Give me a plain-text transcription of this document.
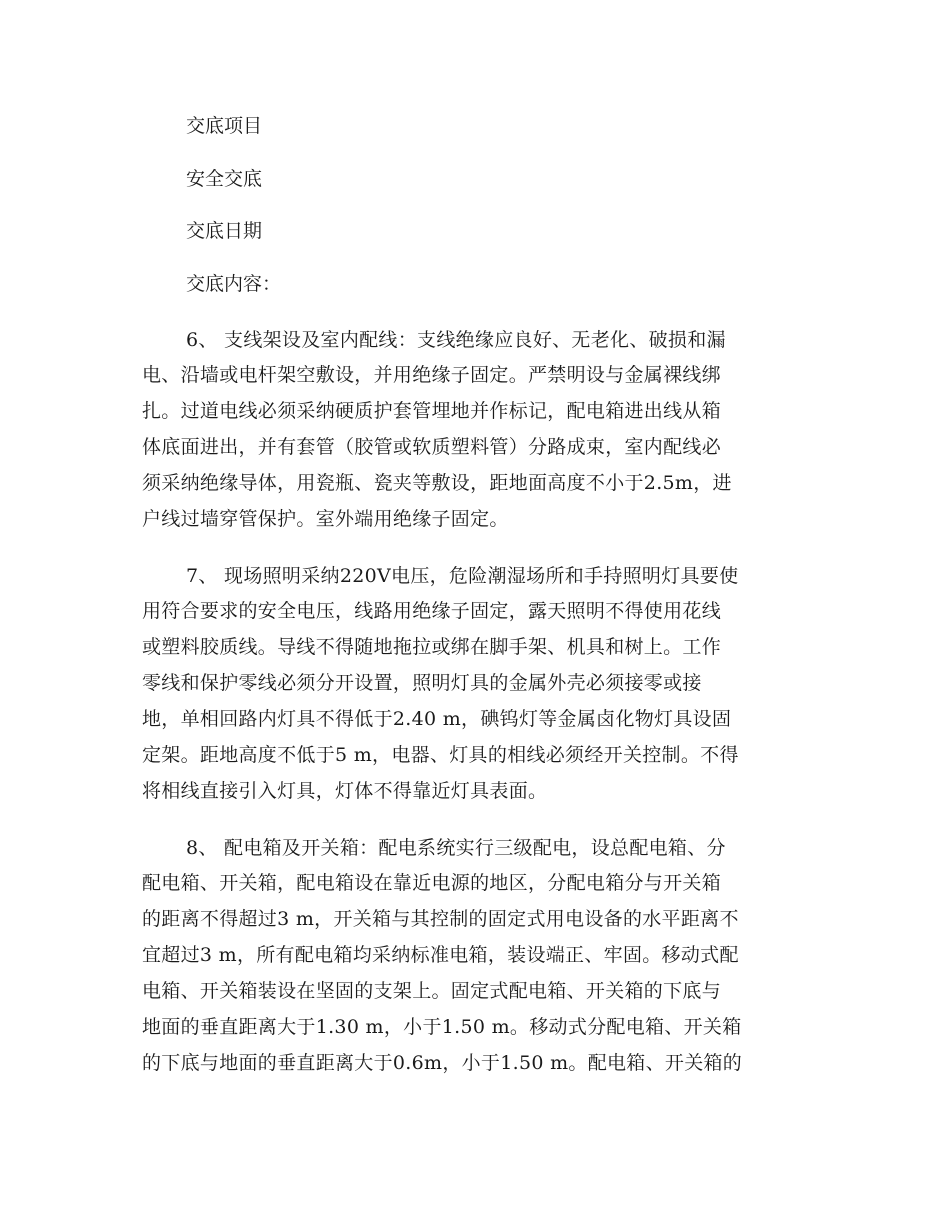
交底项目
安全交底
交底日期
交底内容：
6、 支线架设及室内配线：支线绝缘应良好、无老化、破损和漏
电、沿墙或电杆架空敷设，并用绝缘子固定。严禁明设与金属裸线绑
扎。过道电线必须采纳硬质护套管埋地并作标记，配电箱进出线从箱
体底面进出，并有套管（胶管或软质塑料管）分路成束，室内配线必
须采纳绝缘导体，用瓷瓶、瓷夹等敷设，距地面高度不小于2.5m，进
户线过墙穿管保护。室外端用绝缘子固定。
7、 现场照明采纳220V电压，危险潮湿场所和手持照明灯具要使
用符合要求的安全电压，线路用绝缘子固定，露天照明不得使用花线
或塑料胶质线。导线不得随地拖拉或绑在脚手架、机具和树上。工作
零线和保护零线必须分开设置，照明灯具的金属外壳必须接零或接
地，单相回路内灯具不得低于2.40 m，碘钨灯等金属卤化物灯具设固
定架。距地高度不低于5 m，电器、灯具的相线必须经开关控制。不得
将相线直接引入灯具，灯体不得靠近灯具表面。
8、 配电箱及开关箱：配电系统实行三级配电，设总配电箱、分
配电箱、开关箱，配电箱设在靠近电源的地区，分配电箱分与开关箱
的距离不得超过3 m，开关箱与其控制的固定式用电设备的水平距离不
宜超过3 m，所有配电箱均采纳标准电箱，装设端正、牢固。移动式配
电箱、开关箱装设在坚固的支架上。固定式配电箱、开关箱的下底与
地面的垂直距离大于1.30 m，小于1.50 m。移动式分配电箱、开关箱
的下底与地面的垂直距离大于0.6m，小于1.50 m。配电箱、开关箱的
